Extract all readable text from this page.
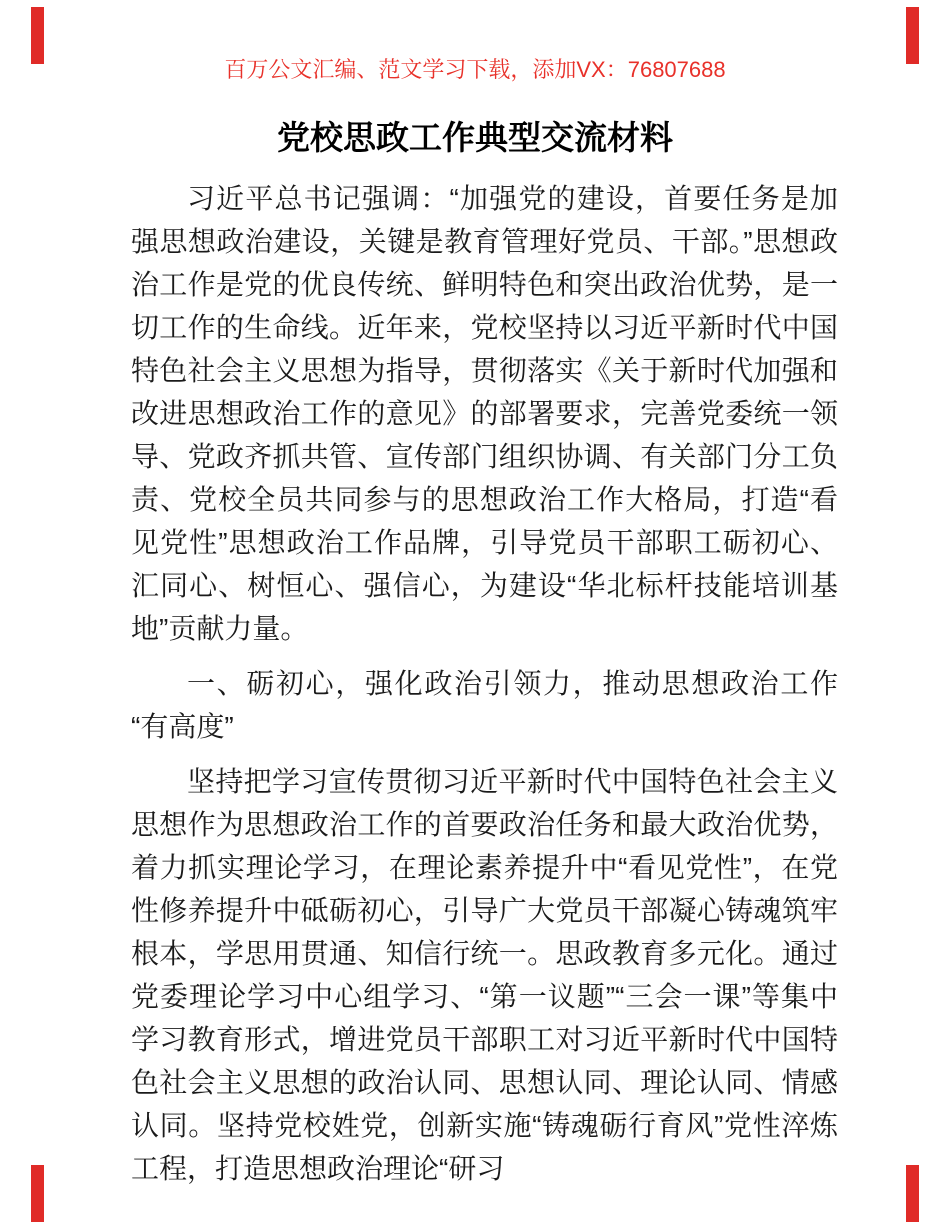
百万公文汇编、范文学习下载，添加VX：76807688
党校思政工作典型交流材料

习近平总书记强调：“加强党的建设，首要任务是加强思想政治建设，关键是教育管理好党员、干部。”思想政治工作是党的优良传统、鲜明特色和突出政治优势，是一切工作的生命线。近年来，党校坚持以习近平新时代中国特色社会主义思想为指导，贯彻落实《关于新时代加强和改进思想政治工作的意见》的部署要求，完善党委统一领导、党政齐抓共管、宣传部门组织协调、有关部门分工负责、党校全员共同参与的思想政治工作大格局，打造“看见党性”思想政治工作品牌，引导党员干部职工砺初心、汇同心、树恒心、强信心，为建设“华北标杆技能培训基地”贡献力量。

一、砺初心，强化政治引领力，推动思想政治工作“有高度”

坚持把学习宣传贯彻习近平新时代中国特色社会主义思想作为思想政治工作的首要政治任务和最大政治优势，着力抓实理论学习，在理论素养提升中“看见党性”，在党性修养提升中砥砺初心，引导广大党员干部凝心铸魂筑牢根本，学思用贯通、知信行统一。思政教育多元化。通过党委理论学习中心组学习、“第一议题”“三会一课”等集中学习教育形式，增进党员干部职工对习近平新时代中国特色社会主义思想的政治认同、思想认同、理论认同、情感认同。坚持党校姓党，创新实施“铸魂砺行育风”党性淬炼工程，打造思想政治理论“研习
